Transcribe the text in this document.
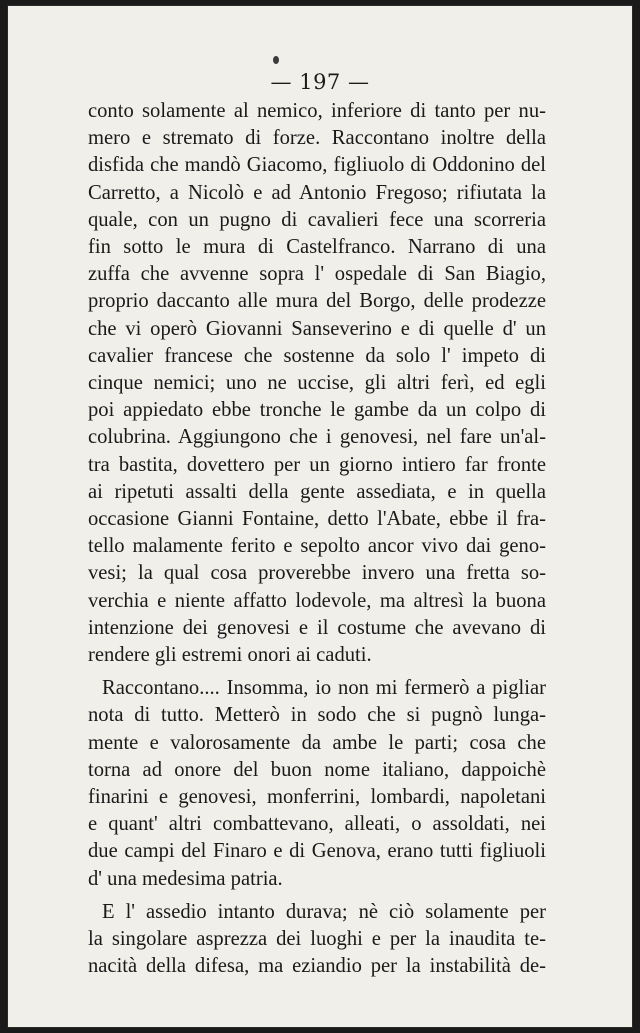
— 197 —
conto solamente al nemico, inferiore di tanto per nu-
mero e stremato di forze. Raccontano inoltre della
disfida che mandò Giacomo, figliuolo di Oddonino del
Carretto, a Nicolò e ad Antonio Fregoso; rifiutata la
quale, con un pugno di cavalieri fece una scorreria
fin sotto le mura di Castelfranco. Narrano di una
zuffa che avvenne sopra l' ospedale di San Biagio,
proprio daccanto alle mura del Borgo, delle prodezze
che vi operò Giovanni Sanseverino e di quelle d' un
cavalier francese che sostenne da solo l' impeto di
cinque nemici; uno ne uccise, gli altri ferì, ed egli
poi appiedato ebbe tronche le gambe da un colpo di
colubrina. Aggiungono che i genovesi, nel fare un'al-
tra bastita, dovettero per un giorno intiero far fronte
ai ripetuti assalti della gente assediata, e in quella
occasione Gianni Fontaine, detto l'Abate, ebbe il fra-
tello malamente ferito e sepolto ancor vivo dai geno-
vesi; la qual cosa proverebbe invero una fretta so-
verchia e niente affatto lodevole, ma altresì la buona
intenzione dei genovesi e il costume che avevano di
rendere gli estremi onori ai caduti.
Raccontano.... Insomma, io non mi fermerò a pigliar
nota di tutto. Metterò in sodo che si pugnò lunga-
mente e valorosamente da ambe le parti; cosa che
torna ad onore del buon nome italiano, dappoichè
finarini e genovesi, monferrini, lombardi, napoletani
e quant' altri combattevano, alleati, o assoldati, nei
due campi del Finaro e di Genova, erano tutti figliuoli
d' una medesima patria.
E l' assedio intanto durava; nè ciò solamente per
la singolare asprezza dei luoghi e per la inaudita te-
nacità della difesa, ma eziandio per la instabilità de-
